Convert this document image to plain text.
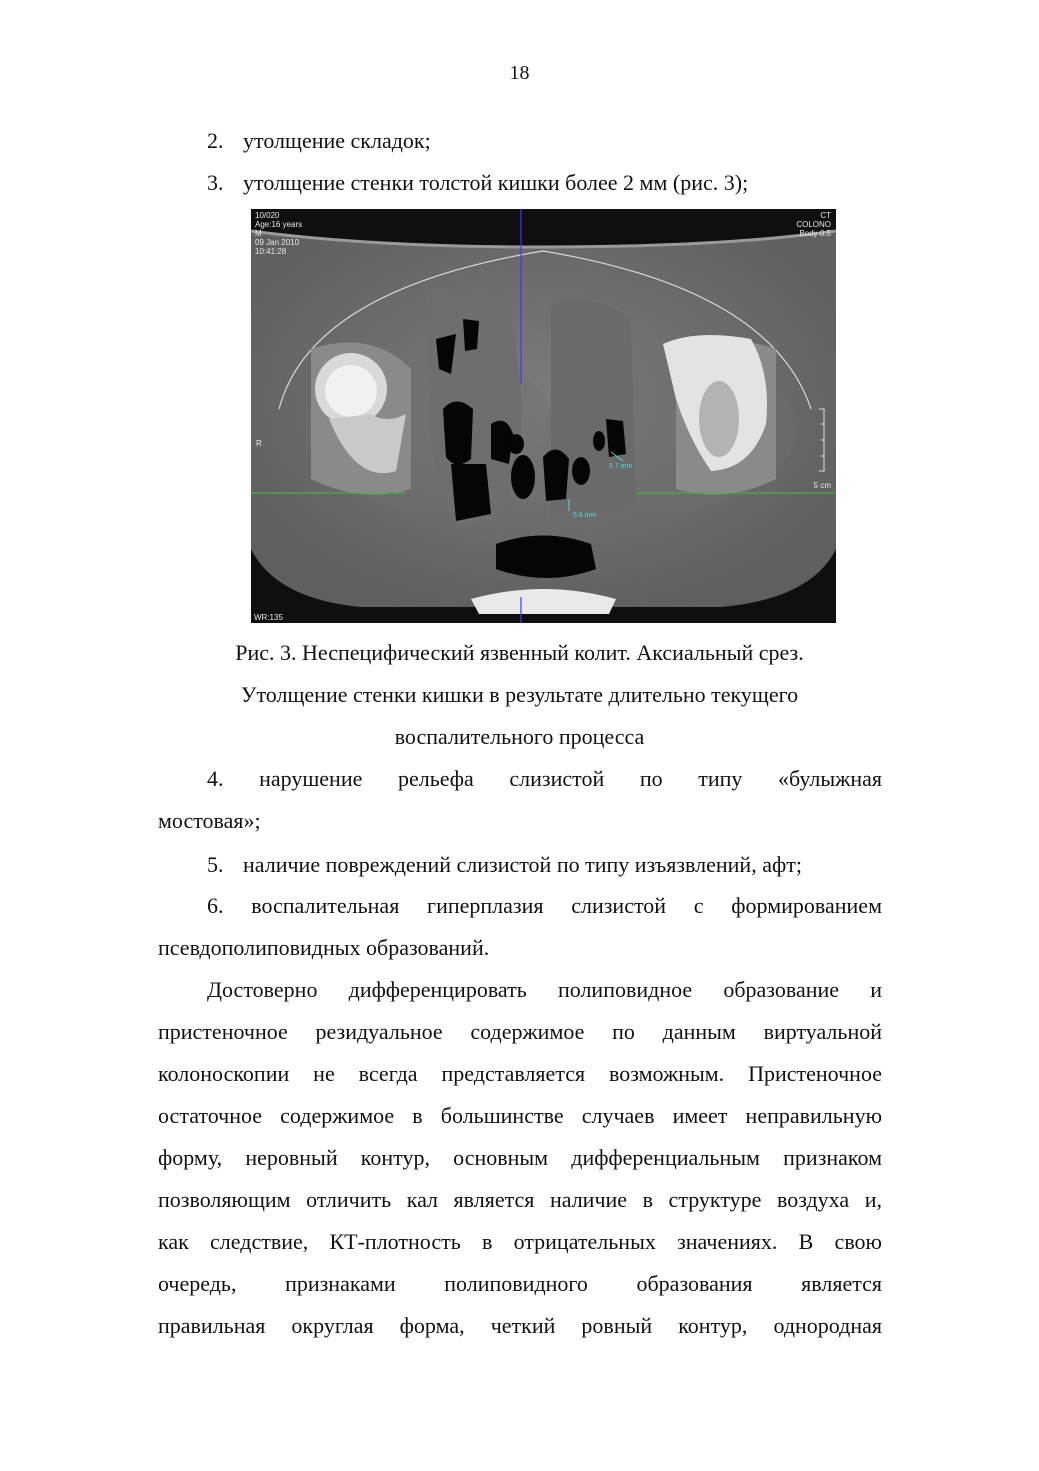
18
2. утолщение складок;
3. утолщение стенки толстой кишки более 2 мм (рис. 3);
10/020
Age:16 years
M
09 Jan 2010
10:41:28
CT
COLONO
Body 0.5
R
5 cm
WR:135
5.7 mm
5.6 mm
Рис. 3. Неспецифический язвенный колит. Аксиальный срез.
Утолщение стенки кишки в результате длительно текущего
воспалительного процесса
4. нарушение рельефа слизистой по типу «булыжная
мостовая»;
5. наличие повреждений слизистой по типу изъязвлений, афт;
6. воспалительная гиперплазия слизистой с формированием
псевдополиповидных образований.
Достоверно дифференцировать полиповидное образование и
пристеночное резидуальное содержимое по данным виртуальной
колоноскопии не всегда представляется возможным. Пристеночное
остаточное содержимое в большинстве случаев имеет неправильную
форму, неровный контур, основным дифференциальным признаком
позволяющим отличить кал является наличие в структуре воздуха и,
как следствие, КТ-плотность в отрицательных значениях. В свою
очередь, признаками полиповидного образования является
правильная округлая форма, четкий ровный контур, однородная
